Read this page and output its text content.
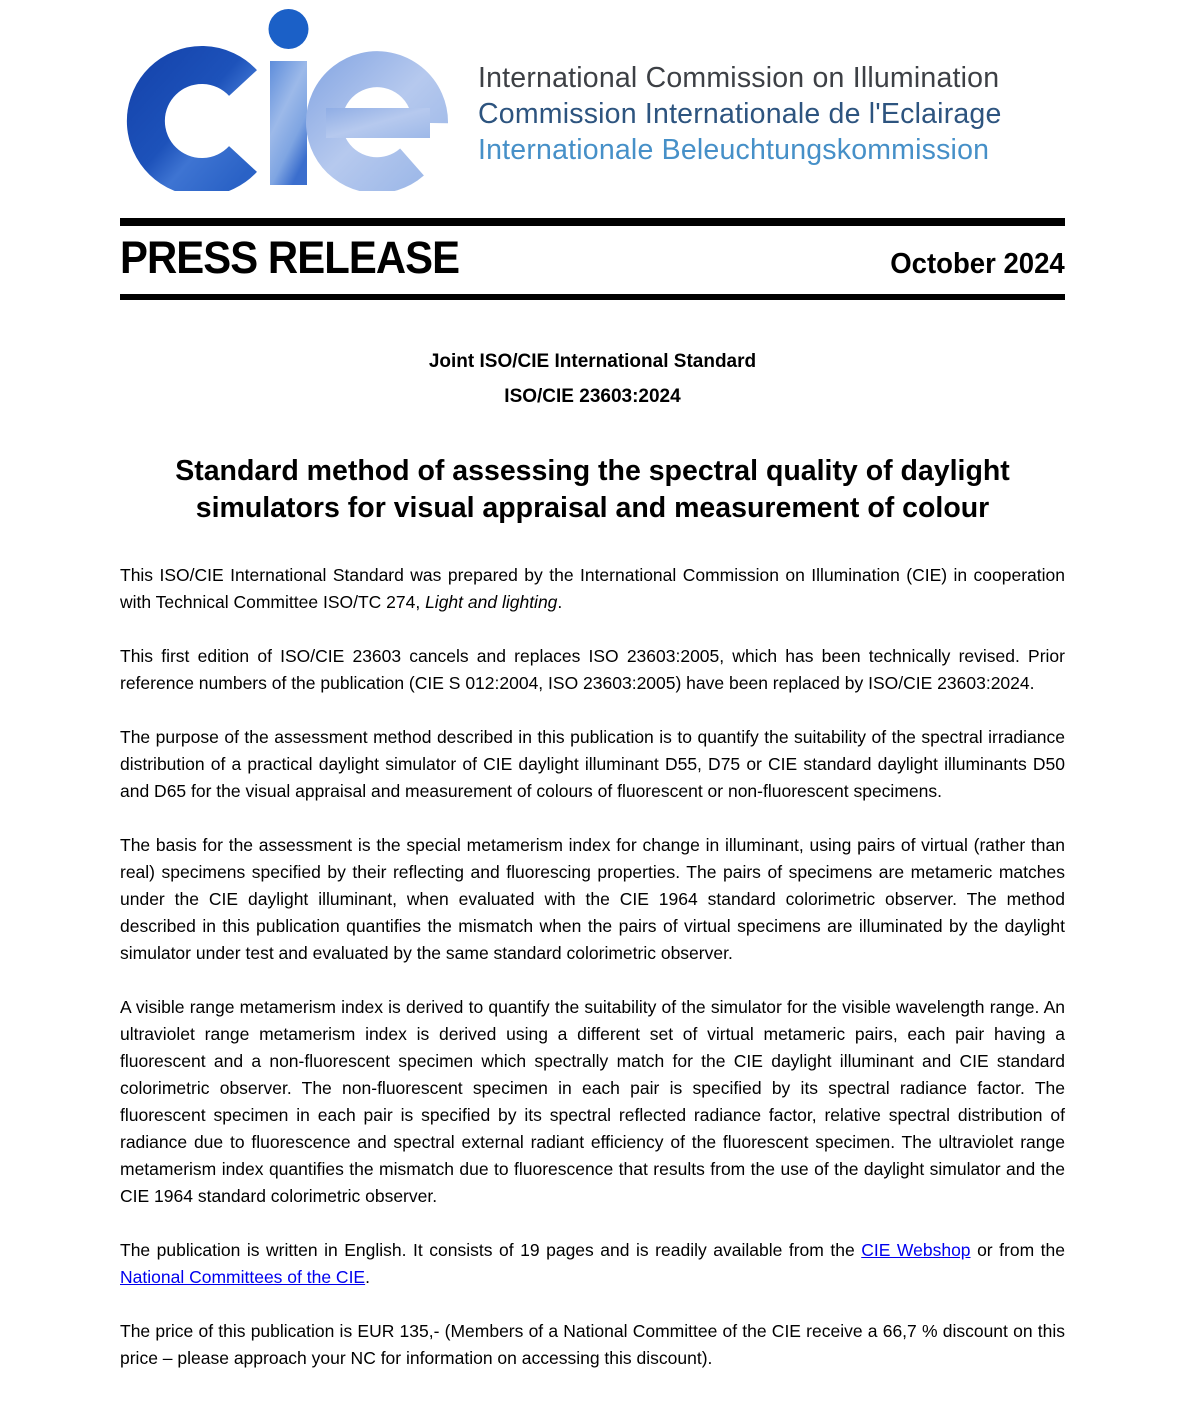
International Commission on Illumination
Commission Internationale de l'Eclairage
Internationale Beleuchtungskommission
PRESS RELEASE	October 2024
Joint ISO/CIE International Standard
ISO/CIE 23603:2024
Standard method of assessing the spectral quality of daylight simulators for visual appraisal and measurement of colour

This ISO/CIE International Standard was prepared by the International Commission on Illumination (CIE) in cooperation with Technical Committee ISO/TC 274, Light and lighting.

This first edition of ISO/CIE 23603 cancels and replaces ISO 23603:2005, which has been technically revised. Prior reference numbers of the publication (CIE S 012:2004, ISO 23603:2005) have been replaced by ISO/CIE 23603:2024.

The purpose of the assessment method described in this publication is to quantify the suitability of the spectral irradiance distribution of a practical daylight simulator of CIE daylight illuminant D55, D75 or CIE standard daylight illuminants D50 and D65 for the visual appraisal and measurement of colours of fluorescent or non-fluorescent specimens.

The basis for the assessment is the special metamerism index for change in illuminant, using pairs of virtual (rather than real) specimens specified by their reflecting and fluorescing properties. The pairs of specimens are metameric matches under the CIE daylight illuminant, when evaluated with the CIE 1964 standard colorimetric observer. The method described in this publication quantifies the mismatch when the pairs of virtual specimens are illuminated by the daylight simulator under test and evaluated by the same standard colorimetric observer.

A visible range metamerism index is derived to quantify the suitability of the simulator for the visible wavelength range. An ultraviolet range metamerism index is derived using a different set of virtual metameric pairs, each pair having a fluorescent and a non-fluorescent specimen which spectrally match for the CIE daylight illuminant and CIE standard colorimetric observer. The non-fluorescent specimen in each pair is specified by its spectral radiance factor. The fluorescent specimen in each pair is specified by its spectral reflected radiance factor, relative spectral distribution of radiance due to fluorescence and spectral external radiant efficiency of the fluorescent specimen. The ultraviolet range metamerism index quantifies the mismatch due to fluorescence that results from the use of the daylight simulator and the CIE 1964 standard colorimetric observer.

The publication is written in English. It consists of 19 pages and is readily available from the CIE Webshop or from the National Committees of the CIE.

The price of this publication is EUR 135,- (Members of a National Committee of the CIE receive a 66,7 % discount on this price – please approach your NC for information on accessing this discount).
